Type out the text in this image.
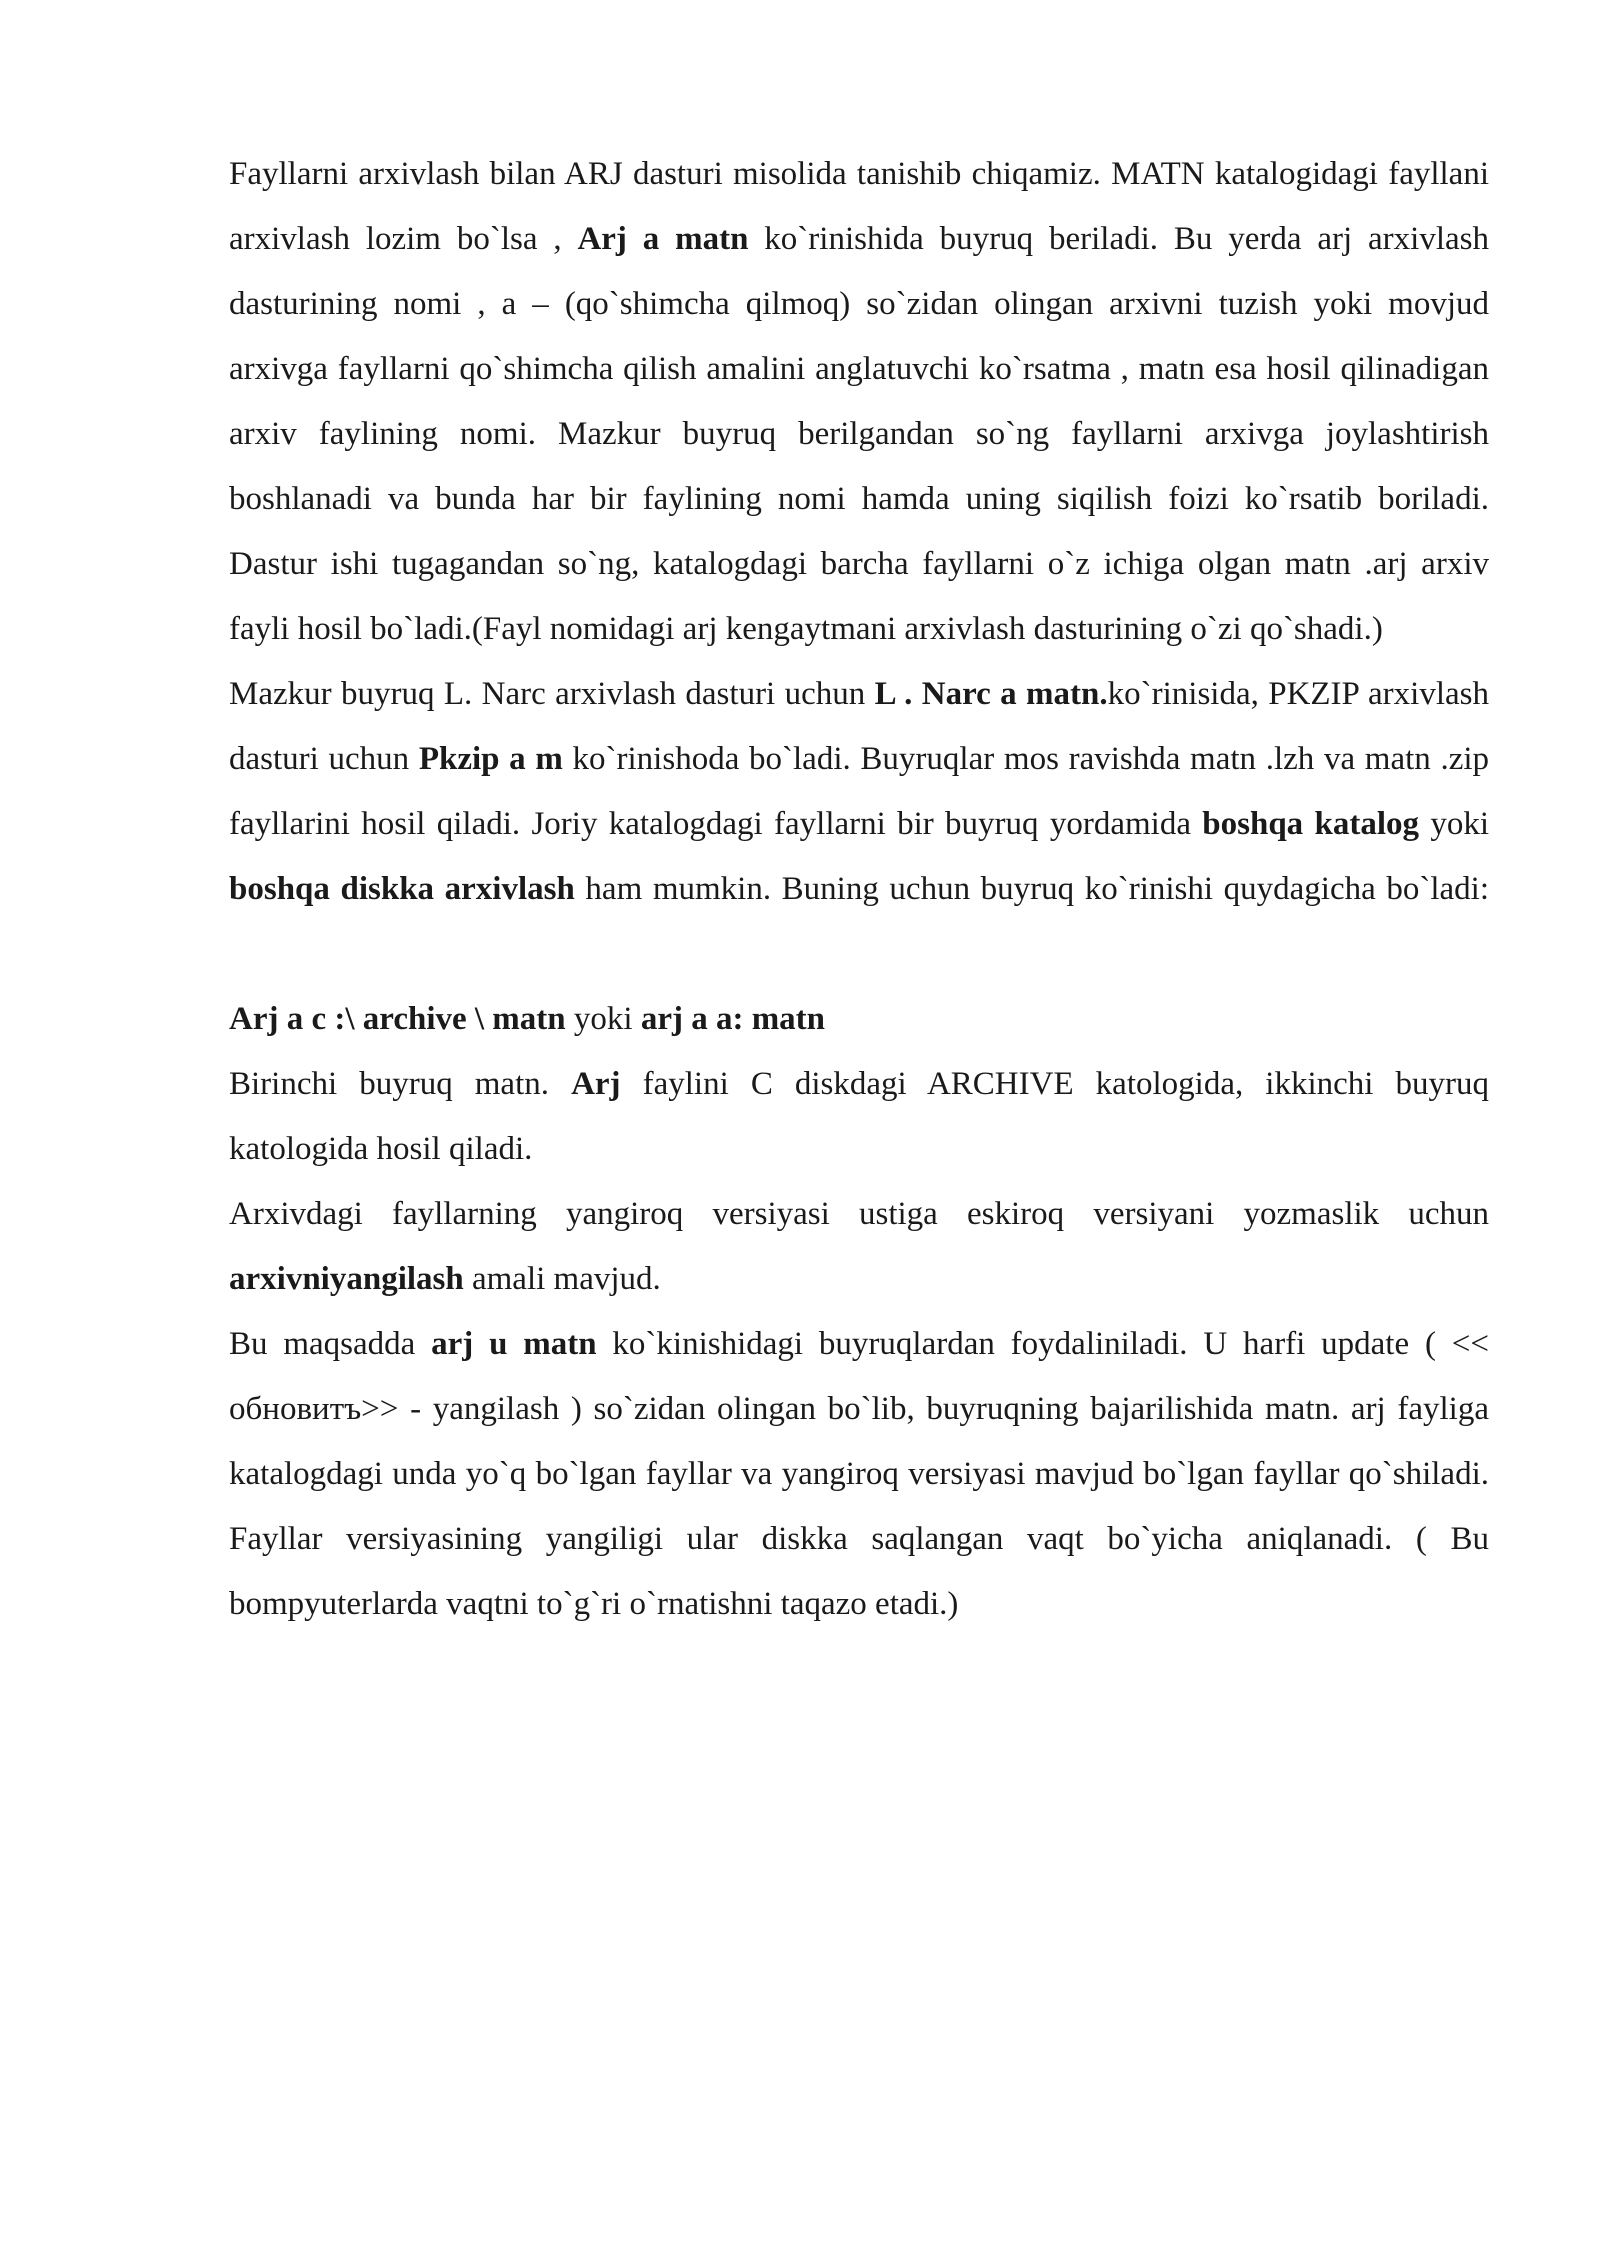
Fayllarni arxivlash bilan ARJ dasturi misolida tanishib chiqamiz. MATN katalogidagi fayllani arxivlash lozim bo`lsa , Arj a matn ko`rinishida buyruq beriladi. Bu yerda arj arxivlash dasturining nomi , a – (qo`shimcha qilmoq) so`zidan olingan arxivni tuzish yoki movjud arxivga fayllarni qo`shimcha qilish amalini anglatuvchi ko`rsatma , matn esa hosil qilinadigan arxiv faylining nomi. Mazkur buyruq berilgandan so`ng fayllarni arxivga joylashtirish boshlanadi va bunda har bir faylining nomi hamda uning siqilish foizi ko`rsatib boriladi. Dastur ishi tugagandan so`ng, katalogdagi barcha fayllarni o`z ichiga olgan matn .arj arxiv fayli hosil bo`ladi.(Fayl nomidagi arj kengaytmani arxivlash dasturining o`zi qo`shadi.)

Mazkur buyruq L. Narc arxivlash dasturi uchun L . Narc a matn.ko`rinisida, PKZIP arxivlash dasturi uchun Pkzip a m ko`rinishoda bo`ladi. Buyruqlar mos ravishda matn .lzh va matn .zip fayllarini hosil qiladi. Joriy katalogdagi fayllarni bir buyruq yordamida boshqa katalog yoki boshqa diskka arxivlash ham mumkin. Buning uchun buyruq ko`rinishi quydagicha bo`ladi:

Arj a c :\ archive \ matn yoki arj a a: matn

Birinchi buyruq matn. Arj faylini C diskdagi ARCHIVE katologida, ikkinchi buyruq katologida hosil qiladi.

Arxivdagi fayllarning yangiroq versiyasi ustiga eskiroq versiyani yozmaslik uchun arxivniyangilash amali mavjud.

Bu maqsadda arj u matn ko`kinishidagi buyruqlardan foydaliniladi. U harfi update ( << обновитъ>> - yangilash ) so`zidan olingan bo`lib, buyruqning bajarilishida matn. arj fayliga katalogdagi unda yo`q bo`lgan fayllar va yangiroq versiyasi mavjud bo`lgan fayllar qo`shiladi. Fayllar versiyasining yangiligi ular diskka saqlangan vaqt bo`yicha aniqlanadi. ( Bu bompyuterlarda vaqtni to`g`ri o`rnatishni taqazo etadi.)
